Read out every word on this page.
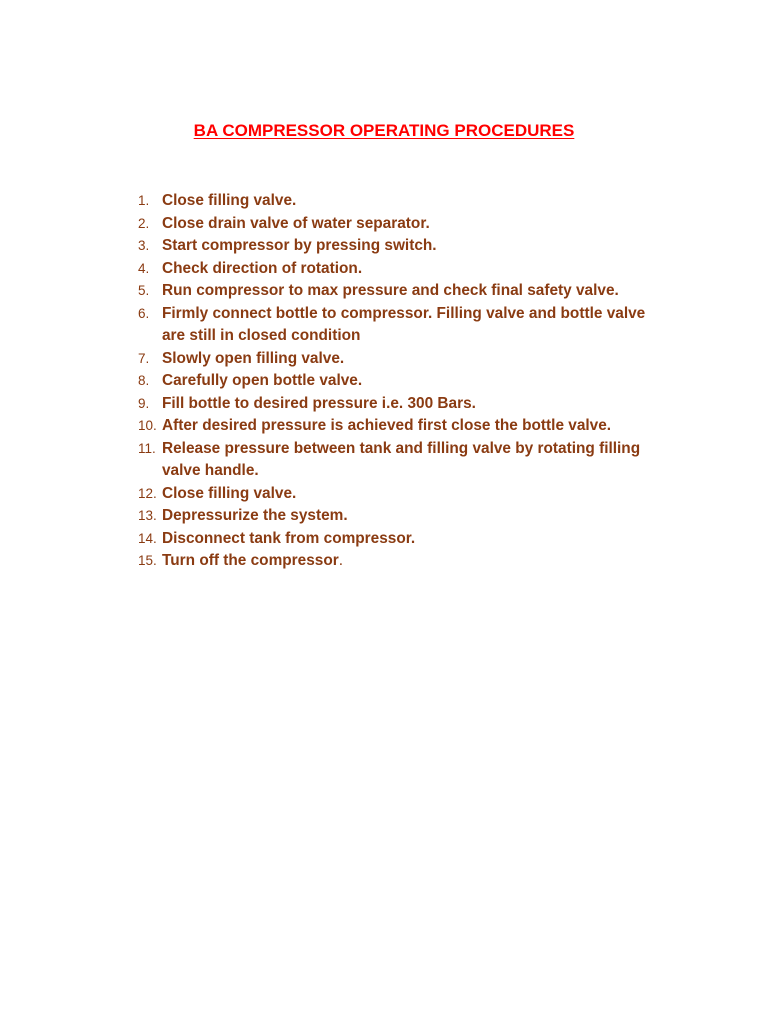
BA COMPRESSOR OPERATING PROCEDURES
1. Close filling valve.
2. Close drain valve of water separator.
3. Start compressor by pressing switch.
4. Check direction of rotation.
5. Run compressor to max pressure and check final safety valve.
6. Firmly connect bottle to compressor. Filling valve and bottle valve are still in closed condition
7. Slowly open filling valve.
8. Carefully open bottle valve.
9. Fill bottle to desired pressure i.e. 300 Bars.
10. After desired pressure is achieved first close the bottle valve.
11. Release pressure between tank and filling valve by rotating filling valve handle.
12. Close filling valve.
13. Depressurize the system.
14. Disconnect tank from compressor.
15. Turn off the compressor.
